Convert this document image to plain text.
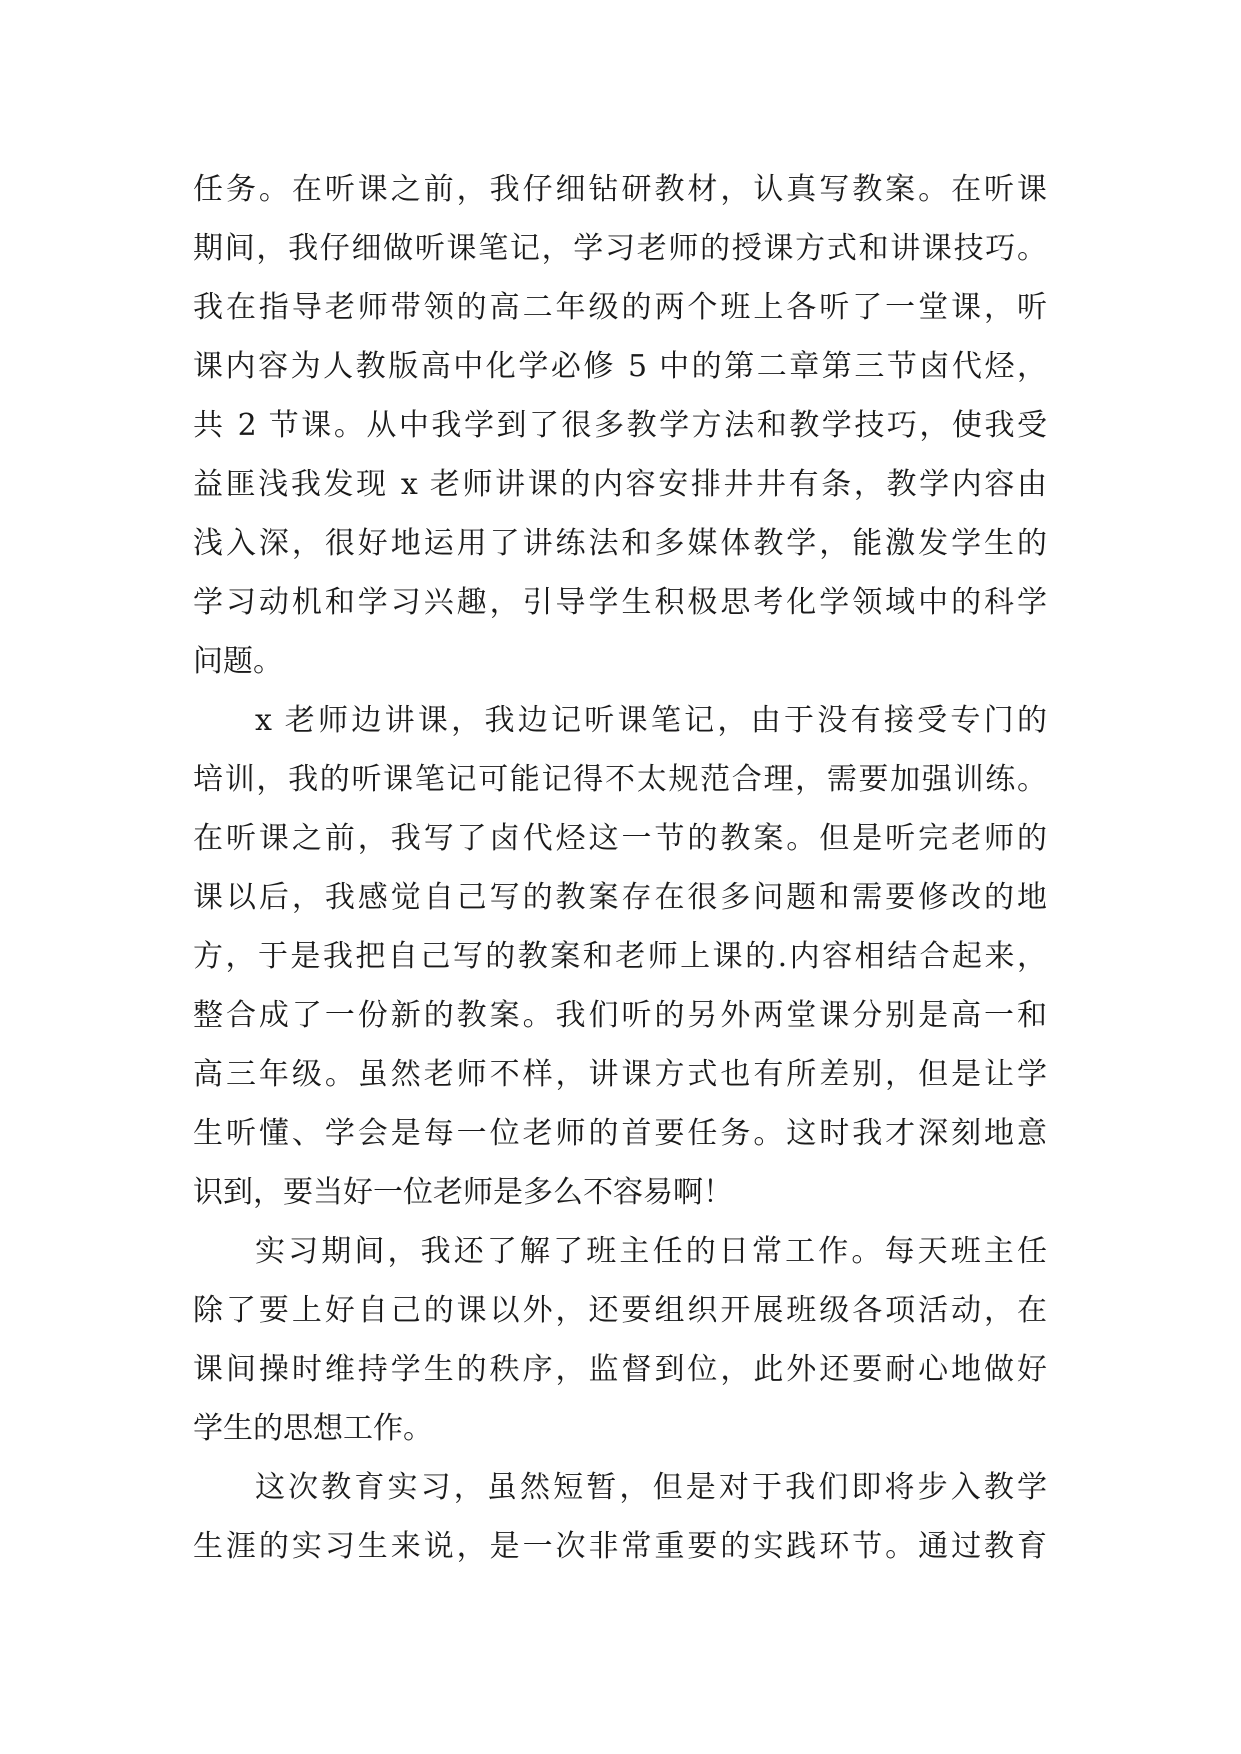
任务。在听课之前，我仔细钻研教材，认真写教案。在听课
期间，我仔细做听课笔记，学习老师的授课方式和讲课技巧。
我在指导老师带领的高二年级的两个班上各听了一堂课，听
课内容为人教版高中化学必修 5 中的第二章第三节卤代烃，
共 2 节课。从中我学到了很多教学方法和教学技巧，使我受
益匪浅我发现 x 老师讲课的内容安排井井有条，教学内容由
浅入深，很好地运用了讲练法和多媒体教学，能激发学生的
学习动机和学习兴趣，引导学生积极思考化学领域中的科学
问题。
x 老师边讲课，我边记听课笔记，由于没有接受专门的
培训，我的听课笔记可能记得不太规范合理，需要加强训练。
在听课之前，我写了卤代烃这一节的教案。但是听完老师的
课以后，我感觉自己写的教案存在很多问题和需要修改的地
方，于是我把自己写的教案和老师上课的.内容相结合起来，
整合成了一份新的教案。我们听的另外两堂课分别是高一和
高三年级。虽然老师不样，讲课方式也有所差别，但是让学
生听懂、学会是每一位老师的首要任务。这时我才深刻地意
识到，要当好一位老师是多么不容易啊！
实习期间，我还了解了班主任的日常工作。每天班主任
除了要上好自己的课以外，还要组织开展班级各项活动，在
课间操时维持学生的秩序，监督到位，此外还要耐心地做好
学生的思想工作。
这次教育实习，虽然短暂，但是对于我们即将步入教学
生涯的实习生来说，是一次非常重要的实践环节。通过教育
